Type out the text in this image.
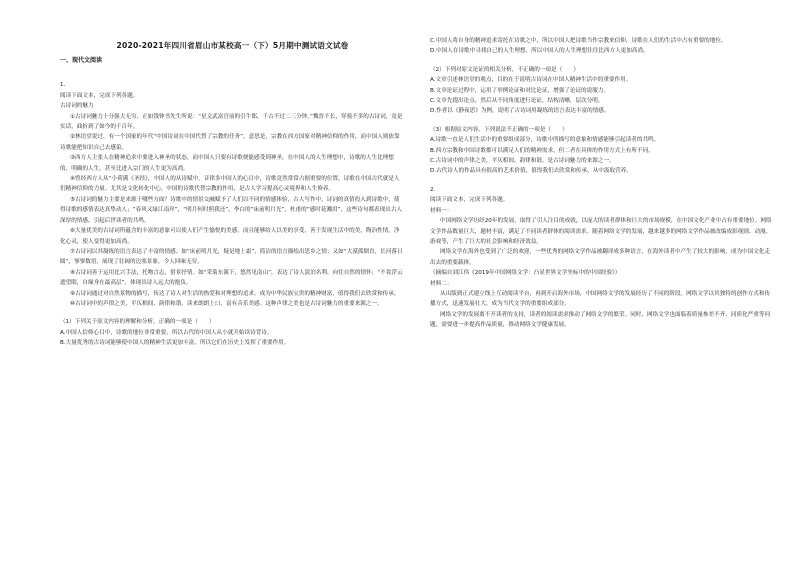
2020-2021年四川省眉山市某校高一（下）5月期中测试语文试卷

一、现代文阅读

1.

阅读下面文本，完成下列各题。

古诗词的魅力

①古诗词魅力十分强大无穷，正如钱钟书先生所说：“星文武富宫前的引牛郎，千古不过二三分钟。”魏晋不长，穿骑不多的古诗词，竟是实话，曲折到了如今的千百年。

②林语堂说过，有一个国家的年代“中国诗词在中国代替了宗教的任务”，意思是，宗教在西方国家对精神信仰的作用，而中国人则依靠诗歌能把知识自己去感染。

③西方人主张人在精神追求中要进入神圣的状态，而中国人只要有诗歌便能感受到神圣，在中国人的人生理想中，诗歌的人生比理想的、明确的人生，甚至比进入宗门的人生更为高尚。

④曾经西方人从“小荷满《圣经》，中国人的从诗赋中，音律多中国人的心目中，诗歌竟然常常占据重要的位置，诗歌在中国古代就是人们精神信仰的力量。尤其是文化转化中心，中国的诗歌代替宗教的作用，是古人学习提高心灵境界和人生修养。

⑤古诗词的魅力主要是来源于哪些方面？诗歌中的情景交融赋予了人们以不同的情感体验，古人写作中，诗词的真情投入到诗歌中，使得诗歌的感情表达真挚动人；“春风又绿江南岸”，“明月何时照我还”，李白的“床前明月光”，杜甫的“感时花溅泪”，这些诗句都表现出古人深厚的情感，引起后世读者的共鸣。

⑥大量优美的古诗词所蕴含的丰富的意象可以使人们产生愉悦的美感，而且能够给人以美的享受，善于发现生活中的美，陶冶性情，净化心灵，使人变得更加高尚。

⑦古诗词以其凝练的语言表达了丰富的情感。如“床前明月光，疑是地上霜”，简洁的语言描绘出思乡之情；又如“大漠孤烟直，长河落日圆”，寥寥数语，展现了壮阔的边塞景象，令人回味无穷。

⑧古诗词善于运用比兴手法，托物言志，借景抒情。如“采菊东篱下，悠然见南山”，表达了诗人淡泊名利、向往自然的情怀；“不畏浮云遮望眼，自缘身在最高层”，体现出诗人远大的抱负。

⑨古诗词通过对自然景物的描写，传达了诗人对生活的热爱和对理想的追求，成为中华民族宝贵的精神财富，值得我们去欣赏和传承。

⑩古诗词中的声律之美，平仄相间，韵律和谐，读来朗朗上口，富有音乐美感。这种声律之美也是古诗词魅力的重要来源之一。

（1）下列关于原文内容的理解和分析，正确的一项是（　　）

A.中国人信仰心目中，诗歌的地位非常重要，所以古代的中国人从小就开始读诗背诗。

B.大量优秀的古诗词能够使中国人的精神生活更加丰富，所以它们在历史上发挥了重要作用。

C.中国人将自身的精神追求寄托在诗歌之中，所以中国人把诗歌当作宗教来信仰，诗歌在人们的生活中占有重要的地位。

D.中国人在诗歌中寻找自己的人生理想，所以中国人的人生理想往往比西方人更加高尚。

（2）下列对原文论证的相关分析，不正确的一项是（　　）

A.文章引述林语堂的观点，目的在于说明古诗词在中国人精神生活中的重要作用。

B.文章论证过程中，运用了举例论证和对比论证，增强了论证的说服力。

C.文章先提出论点，然后从不同角度进行论证，结构清晰，层次分明。

D.作者以《静夜思》为例，说明了古诗词用凝练的语言表达丰富的情感。

（3）根据原文内容，下列说法不正确的一项是（　　）

A.诗歌一直是人们生活中的重要组成部分，诗歌中所描写的意象和情感能够引起读者的共鸣。

B.西方宗教和中国诗歌都可以满足人们的精神需求，但二者在具体的作用方式上有所不同。

C.古诗词中的声律之美，平仄相间，韵律和谐，是古诗词魅力的来源之一。

D.古代诗人的作品具有很高的艺术价值，值得我们去欣赏和传承，从中汲取营养。

2.

阅读下面文本，完成下列各题。

材料一：

中国网络文学历经20年的发展，取得了引人注目的成就，以庞大的读者群体和巨大的市场规模，在中国文化产业中占有重要地位。网络文学作品数量巨大，题材丰富，满足了不同读者群体的阅读需求。随着网络文学的发展，越来越多的网络文学作品被改编成影视剧、动漫、游戏等，产生了巨大的社会影响和经济效益。

网络文学在海外也受到了广泛的欢迎，一些优秀的网络文学作品被翻译成多种语言，在海外读者中产生了较大的影响，成为中国文化走出去的重要载体。

（摘编自刘江伟《2019年中国网络文学：凸显世界文学坐标中的中国经验》）

材料二：

从出版到正式建立线上互动阅读平台，再到开启海外市场，中国网络文学的发展经历了不同的阶段。网络文学以其独特的创作方式和传播方式，迅速发展壮大，成为当代文学的重要组成部分。

网络文学的发展离不开读者的支持，读者的阅读需求推动了网络文学的繁荣。同时，网络文学也面临着质量参差不齐、同质化严重等问题，需要进一步提高作品质量，推动网络文学健康发展。
